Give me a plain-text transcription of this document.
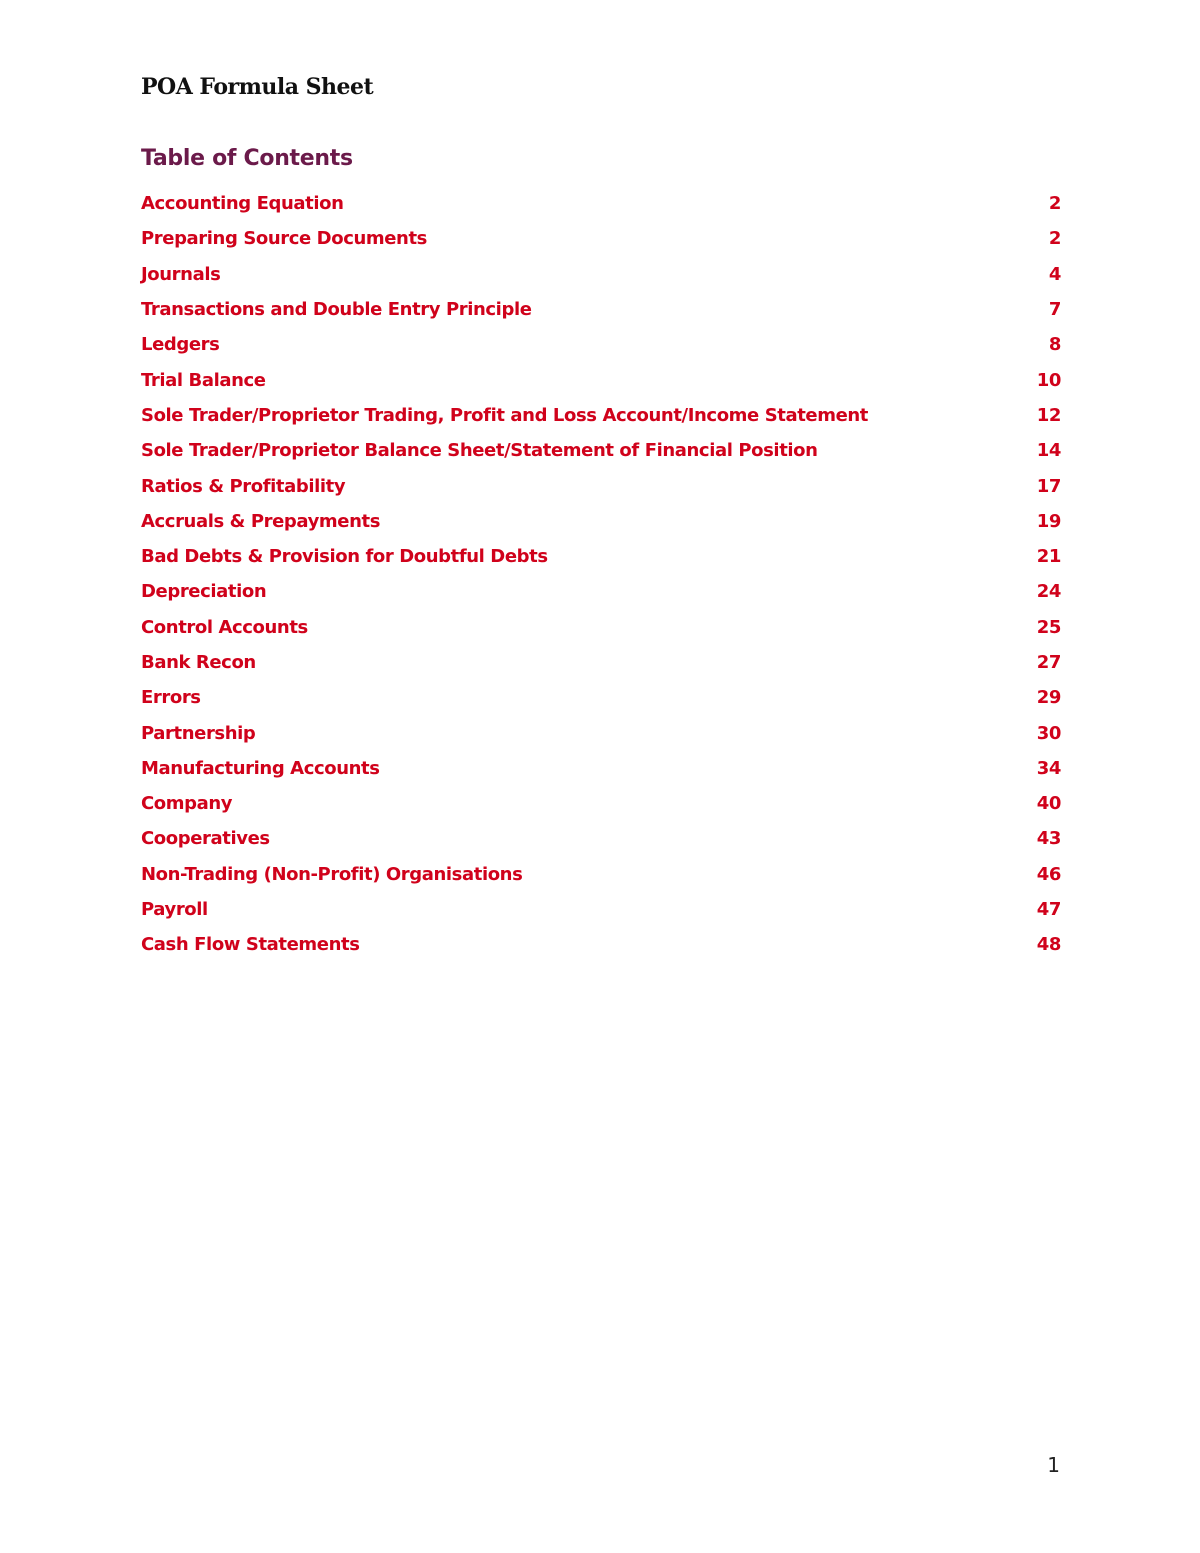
POA Formula Sheet
Table of Contents
Accounting Equation	2
Preparing Source Documents	2
Journals	4
Transactions and Double Entry Principle	7
Ledgers	8
Trial Balance	10
Sole Trader/Proprietor Trading, Profit and Loss Account/Income Statement	12
Sole Trader/Proprietor Balance Sheet/Statement of Financial Position	14
Ratios & Profitability	17
Accruals & Prepayments	19
Bad Debts & Provision for Doubtful Debts	21
Depreciation	24
Control Accounts	25
Bank Recon	27
Errors	29
Partnership	30
Manufacturing Accounts	34
Company	40
Cooperatives	43
Non-Trading (Non-Profit) Organisations	46
Payroll	47
Cash Flow Statements	48
1
